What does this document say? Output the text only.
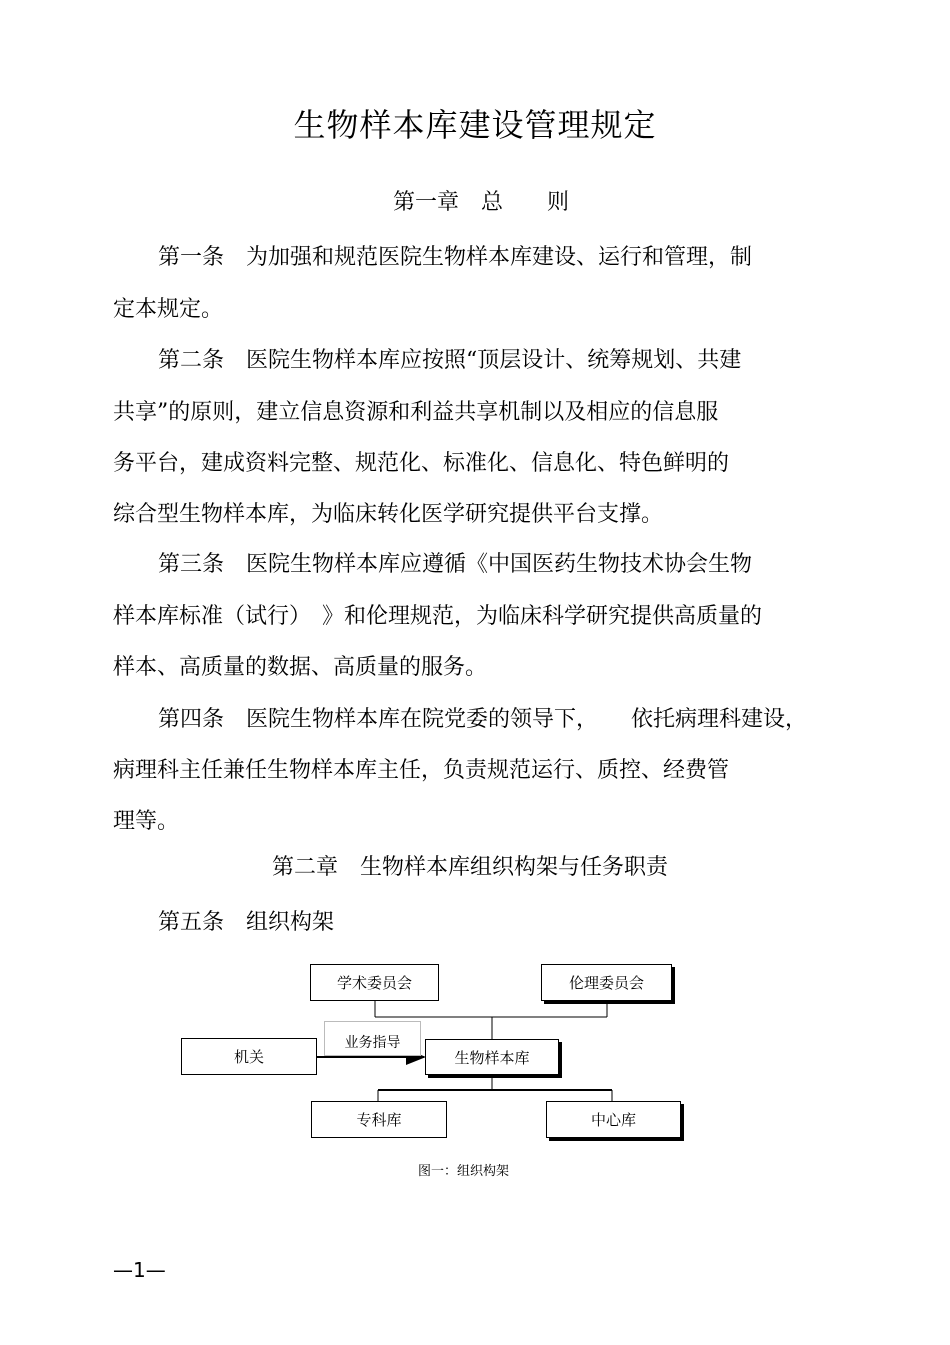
生物样本库建设管理规定
第一章　总　　则
第一条　为加强和规范医院生物样本库建设、运行和管理，制
定本规定。
第二条　医院生物样本库应按照“顶层设计、统筹规划、共建
共享”的原则，建立信息资源和利益共享机制以及相应的信息服
务平台，建成资料完整、规范化、标准化、信息化、特色鲜明的
综合型生物样本库，为临床转化医学研究提供平台支撑。
第三条　医院生物样本库应遵循《中国医药生物技术协会生物
样本库标准（试行）　》和伦理规范，为临床科学研究提供高质量的
样本、高质量的数据、高质量的服务。
第四条　医院生物样本库在院党委的领导下，　　依托病理科建设，
病理科主任兼任生物样本库主任，负责规范运行、质控、经费管
理等。
第二章　生物样本库组织构架与任务职责
第五条　组织构架
学术委员会	伦理委员会
机关
业务指导
生物样本库
专科库	中心库
图一：组织构架
—1—
